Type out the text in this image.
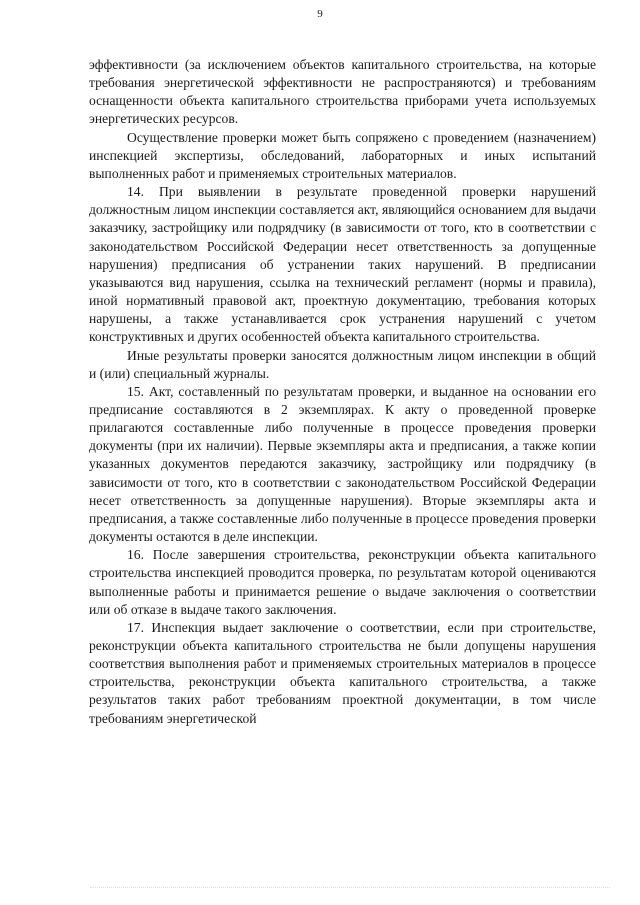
9

эффективности (за исключением объектов капитального строительства, на которые требования энергетической эффективности не распространяются) и требованиям оснащенности объекта капитального строительства приборами учета используемых энергетических ресурсов.

Осуществление проверки может быть сопряжено с проведением (назначением) инспекцией экспертизы, обследований, лабораторных и иных испытаний выполненных работ и применяемых строительных материалов.

14. При выявлении в результате проведенной проверки нарушений должностным лицом инспекции составляется акт, являющийся основанием для выдачи заказчику, застройщику или подрядчику (в зависимости от того, кто в соответствии с законодательством Российской Федерации несет ответственность за допущенные нарушения) предписания об устранении таких нарушений. В предписании указываются вид нарушения, ссылка на технический регламент (нормы и правила), иной нормативный правовой акт, проектную документацию, требования которых нарушены, а также устанавливается срок устранения нарушений с учетом конструктивных и других особенностей объекта капитального строительства.

Иные результаты проверки заносятся должностным лицом инспекции в общий и (или) специальный журналы.

15. Акт, составленный по результатам проверки, и выданное на основании его предписание составляются в 2 экземплярах. К акту о проведенной проверке прилагаются составленные либо полученные в процессе проведения проверки документы (при их наличии). Первые экземпляры акта и предписания, а также копии указанных документов передаются заказчику, застройщику или подрядчику (в зависимости от того, кто в соответствии с законодательством Российской Федерации несет ответственность за допущенные нарушения). Вторые экземпляры акта и предписания, а также составленные либо полученные в процессе проведения проверки документы остаются в деле инспекции.

16. После завершения строительства, реконструкции объекта капитального строительства инспекцией проводится проверка, по результатам которой оцениваются выполненные работы и принимается решение о выдаче заключения о соответствии или об отказе в выдаче такого заключения.

17. Инспекция выдает заключение о соответствии, если при строительстве, реконструкции объекта капитального строительства не были допущены нарушения соответствия выполнения работ и применяемых строительных материалов в процессе строительства, реконструкции объекта капитального строительства, а также результатов таких работ требованиям проектной документации, в том числе требованиям энергетической
